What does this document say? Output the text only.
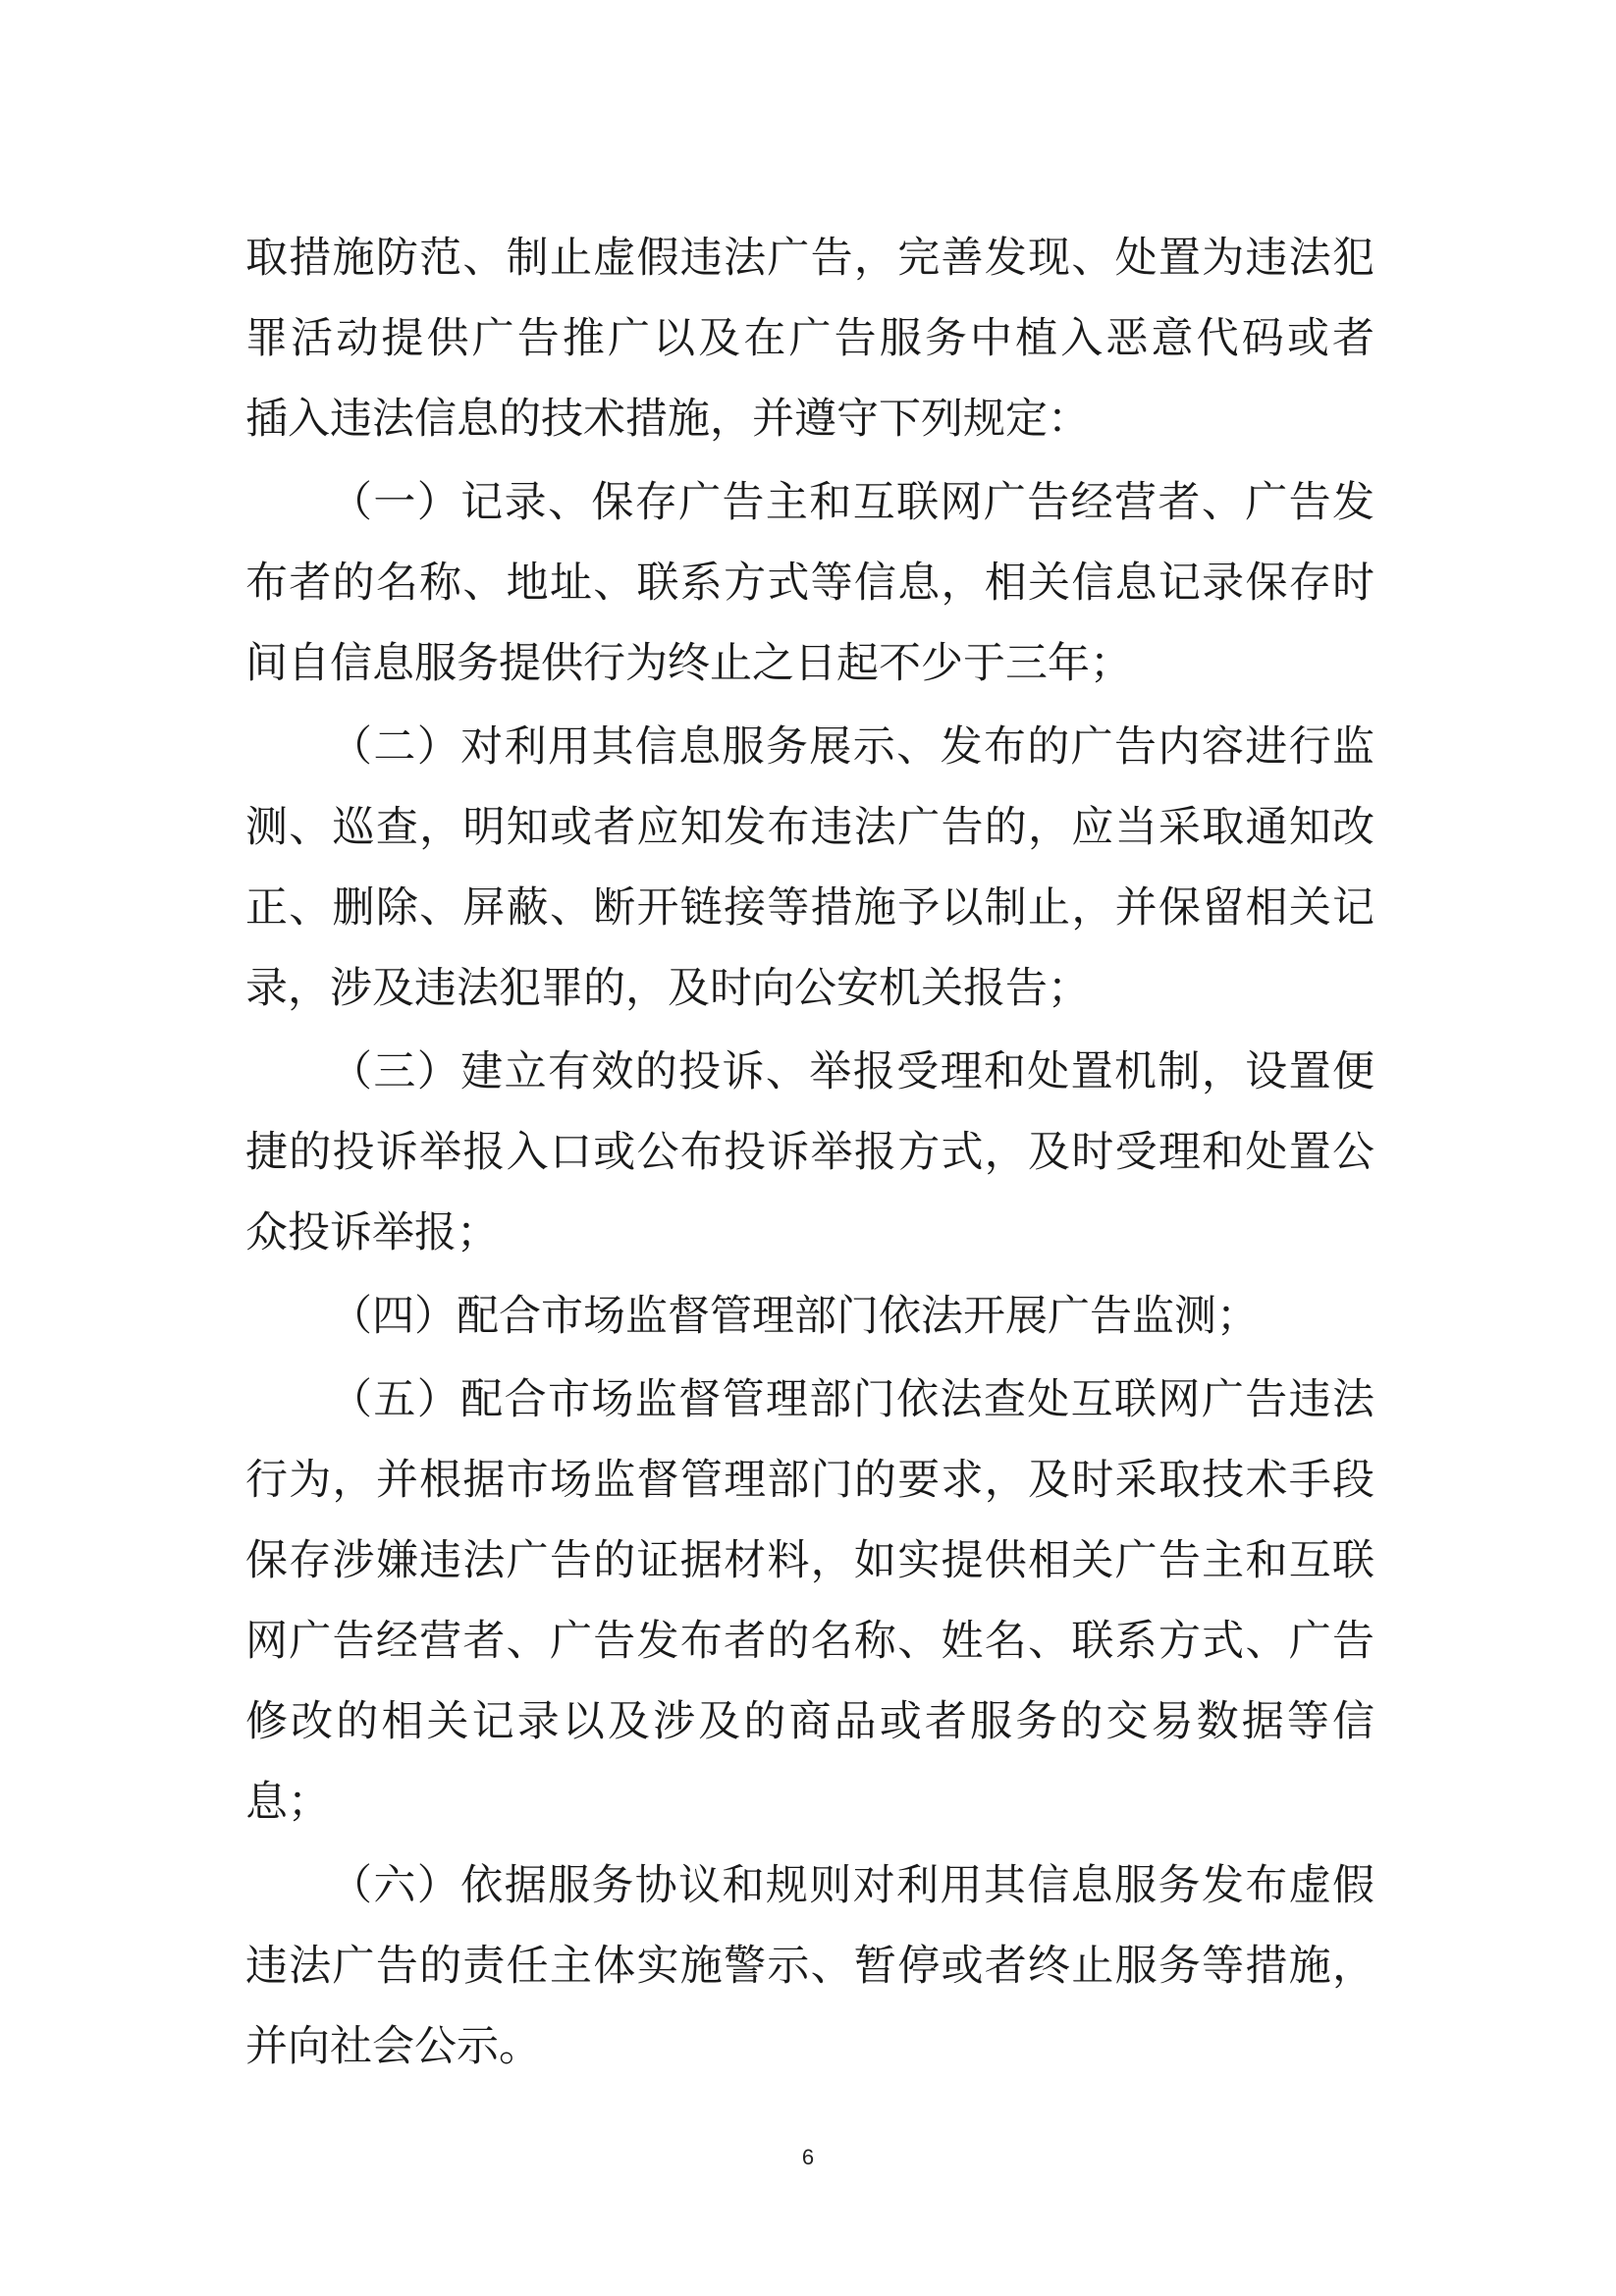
取措施防范、制止虚假违法广告，完善发现、处置为违法犯
罪活动提供广告推广以及在广告服务中植入恶意代码或者
插入违法信息的技术措施，并遵守下列规定：
（一）记录、保存广告主和互联网广告经营者、广告发
布者的名称、地址、联系方式等信息，相关信息记录保存时
间自信息服务提供行为终止之日起不少于三年；
（二）对利用其信息服务展示、发布的广告内容进行监
测、巡查，明知或者应知发布违法广告的，应当采取通知改
正、删除、屏蔽、断开链接等措施予以制止，并保留相关记
录，涉及违法犯罪的，及时向公安机关报告；
（三）建立有效的投诉、举报受理和处置机制，设置便
捷的投诉举报入口或公布投诉举报方式，及时受理和处置公
众投诉举报；
（四）配合市场监督管理部门依法开展广告监测；
（五）配合市场监督管理部门依法查处互联网广告违法
行为，并根据市场监督管理部门的要求，及时采取技术手段
保存涉嫌违法广告的证据材料，如实提供相关广告主和互联
网广告经营者、广告发布者的名称、姓名、联系方式、广告
修改的相关记录以及涉及的商品或者服务的交易数据等信
息；
（六）依据服务协议和规则对利用其信息服务发布虚假
违法广告的责任主体实施警示、暂停或者终止服务等措施，
并向社会公示。
6
